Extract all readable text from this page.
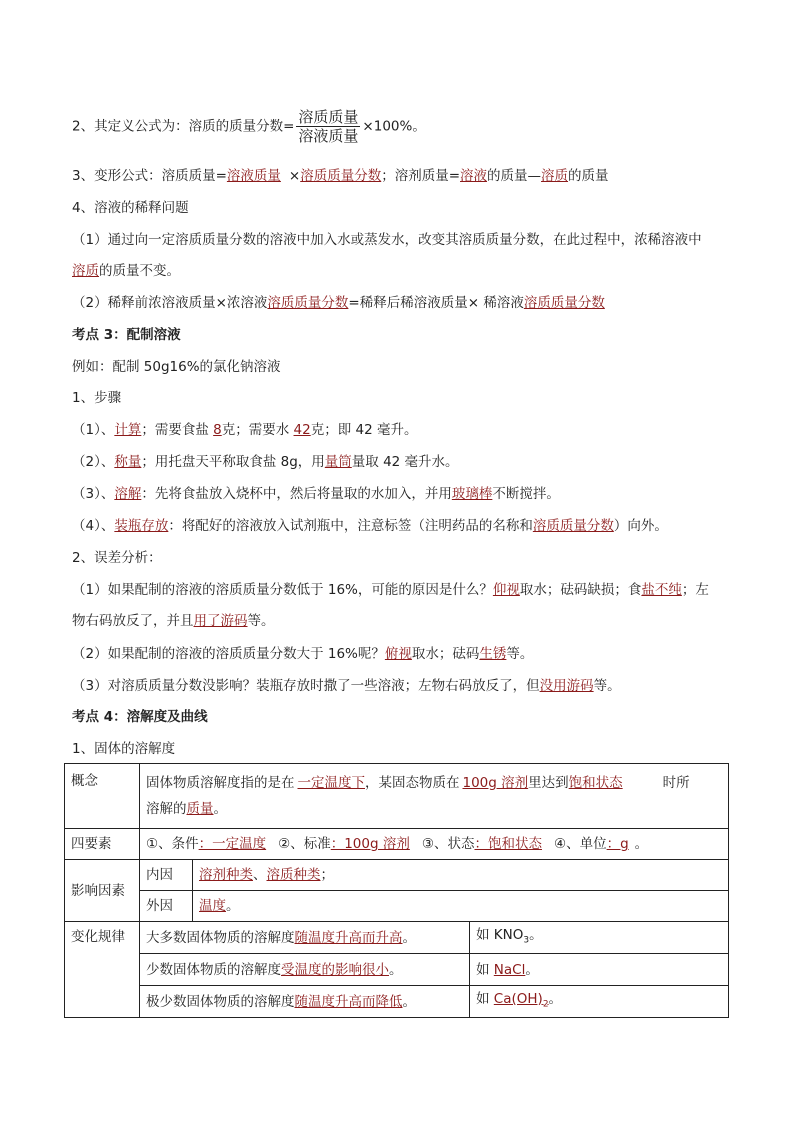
2、其定义公式为：溶质的质量分数= $\frac{\text{溶质质量}}{\text{溶液质量}} \times 100\%$。
3、变形公式：溶质质量=溶液质量 ×溶质质量分数；溶剂质量=溶液的质量—溶质的质量
4、溶液的稀释问题
（1）通过向一定溶质质量分数的溶液中加入水或蒸发水，改变其溶质质量分数，在此过程中，浓稀溶液中
溶质的质量不变。
（2）稀释前浓溶液质量×浓溶液溶质质量分数=稀释后稀溶液质量× 稀溶液溶质质量分数
考点 3：配制溶液
例如：配制 50g16%的氯化钠溶液
1、步骤
（1）、计算；需要食盐 8克；需要水 42克；即 42 毫升。
（2）、称量；用托盘天平称取食盐 8g，用量筒量取 42 毫升水。
（3）、溶解：先将食盐放入烧杯中，然后将量取的水加入，并用玻璃棒不断搅拌。
（4）、装瓶存放：将配好的溶液放入试剂瓶中，注意标签（注明药品的名称和溶质质量分数）向外。
2、误差分析：
（1）如果配制的溶液的溶质质量分数低于 16%，可能的原因是什么？仰视取水；砝码缺损；食盐不纯；左
物右码放反了，并且用了游码等。
（2）如果配制的溶液的溶质质量分数大于 16%呢？俯视取水；砝码生锈等。
（3）对溶质质量分数没影响？装瓶存放时撒了一些溶液；左物右码放反了，但没用游码等。
考点 4：溶解度及曲线
1、固体的溶解度
概念	固体物质溶解度指的是在 一定温度下，某固态物质在 100g 溶剂里达到饱和状态 时所
溶解的质量。		
四要素	①、条件：一定温度 ②、标准：100g 溶剂 ③、状态：饱和状态 ④、单位：g 。		
影响因素	内因	溶剂种类、溶质种类；	
	外因	温度。	
变化规律	大多数固体物质的溶解度随温度升高而升高。		如 $KNO_3$。
	少数固体物质的溶解度受温度的影响很小。		如 NaCl。
	极少数固体物质的溶解度随温度升高而降低。		如 $Ca(OH)_2$。
